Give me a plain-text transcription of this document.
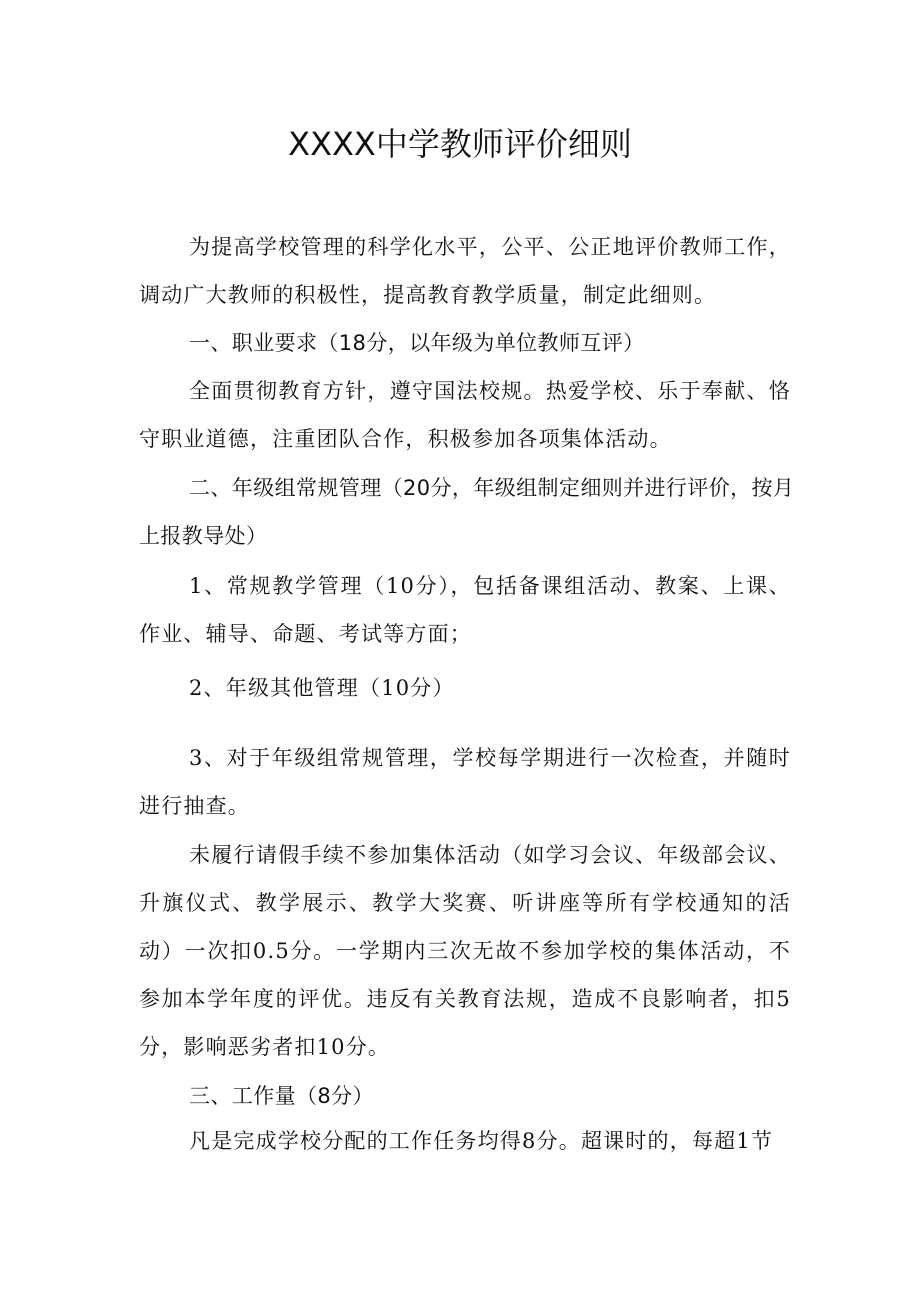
XXXX中学教师评价细则

为提高学校管理的科学化水平，公平、公正地评价教师工作，调动广大教师的积极性，提高教育教学质量，制定此细则。

一、职业要求（18分，以年级为单位教师互评）

全面贯彻教育方针，遵守国法校规。热爱学校、乐于奉献、恪守职业道德，注重团队合作，积极参加各项集体活动。

二、年级组常规管理（20分，年级组制定细则并进行评价，按月上报教导处）

1、常规教学管理（10分），包括备课组活动、教案、上课、作业、辅导、命题、考试等方面；

2、年级其他管理（10分）

3、对于年级组常规管理，学校每学期进行一次检查，并随时进行抽查。

未履行请假手续不参加集体活动（如学习会议、年级部会议、升旗仪式、教学展示、教学大奖赛、听讲座等所有学校通知的活动）一次扣0.5分。一学期内三次无故不参加学校的集体活动，不参加本学年度的评优。违反有关教育法规，造成不良影响者，扣5分，影响恶劣者扣10分。

三、工作量（8分）

凡是完成学校分配的工作任务均得8分。超课时的，每超1节
